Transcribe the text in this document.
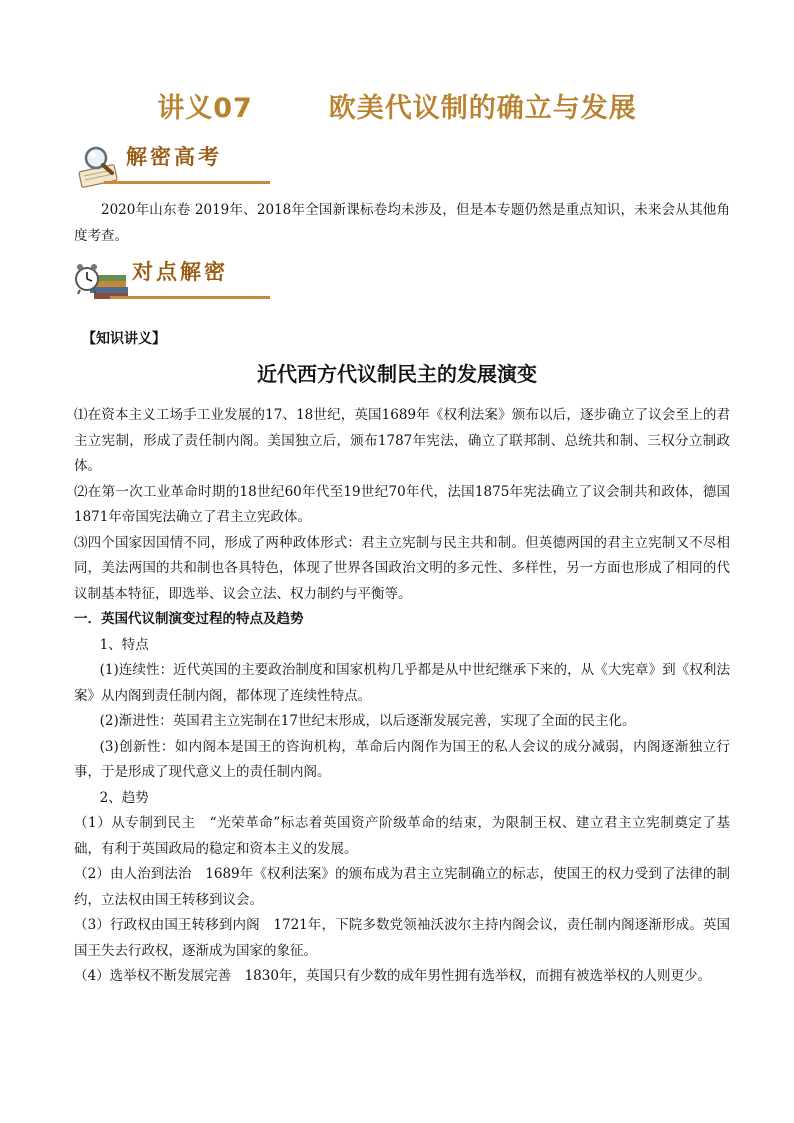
讲义07	欧美代议制的确立与发展
解密高考

2020年山东卷 2019年、2018年全国新课标卷均未涉及，但是本专题仍然是重点知识，未来会从其他角度考查。

对点解密
【知识讲义】
近代西方代议制民主的发展演变

⑴在资本主义工场手工业发展的17、18世纪，英国1689年《权利法案》颁布以后，逐步确立了议会至上的君主立宪制，形成了责任制内阁。美国独立后，颁布1787年宪法，确立了联邦制、总统共和制、三权分立制政体。

⑵在第一次工业革命时期的18世纪60年代至19世纪70年代，法国1875年宪法确立了议会制共和政体，德国1871年帝国宪法确立了君主立宪政体。

⑶四个国家因国情不同，形成了两种政体形式：君主立宪制与民主共和制。但英德两国的君主立宪制又不尽相同，美法两国的共和制也各具特色，体现了世界各国政治文明的多元性、多样性，另一方面也形成了相同的代议制基本特征，即选举、议会立法、权力制约与平衡等。

一．英国代议制演变过程的特点及趋势

1、特点

(1)连续性：近代英国的主要政治制度和国家机构几乎都是从中世纪继承下来的，从《大宪章》到《权利法案》从内阁到责任制内阁，都体现了连续性特点。

(2)渐进性：英国君主立宪制在17世纪末形成，以后逐渐发展完善，实现了全面的民主化。

(3)创新性：如内阁本是国王的咨询机构，革命后内阁作为国王的私人会议的成分减弱，内阁逐渐独立行事，于是形成了现代意义上的责任制内阁。

2、趋势

（1）从专制到民主　“光荣革命”标志着英国资产阶级革命的结束，为限制王权、建立君主立宪制奠定了基础，有利于英国政局的稳定和资本主义的发展。

（2）由人治到法治　1689年《权利法案》的颁布成为君主立宪制确立的标志，使国王的权力受到了法律的制约，立法权由国王转移到议会。

（3）行政权由国王转移到内阁　1721年，下院多数党领袖沃波尔主持内阁会议，责任制内阁逐渐形成。英国国王失去行政权，逐渐成为国家的象征。

（4）选举权不断发展完善　1830年，英国只有少数的成年男性拥有选举权，而拥有被选举权的人则更少。
